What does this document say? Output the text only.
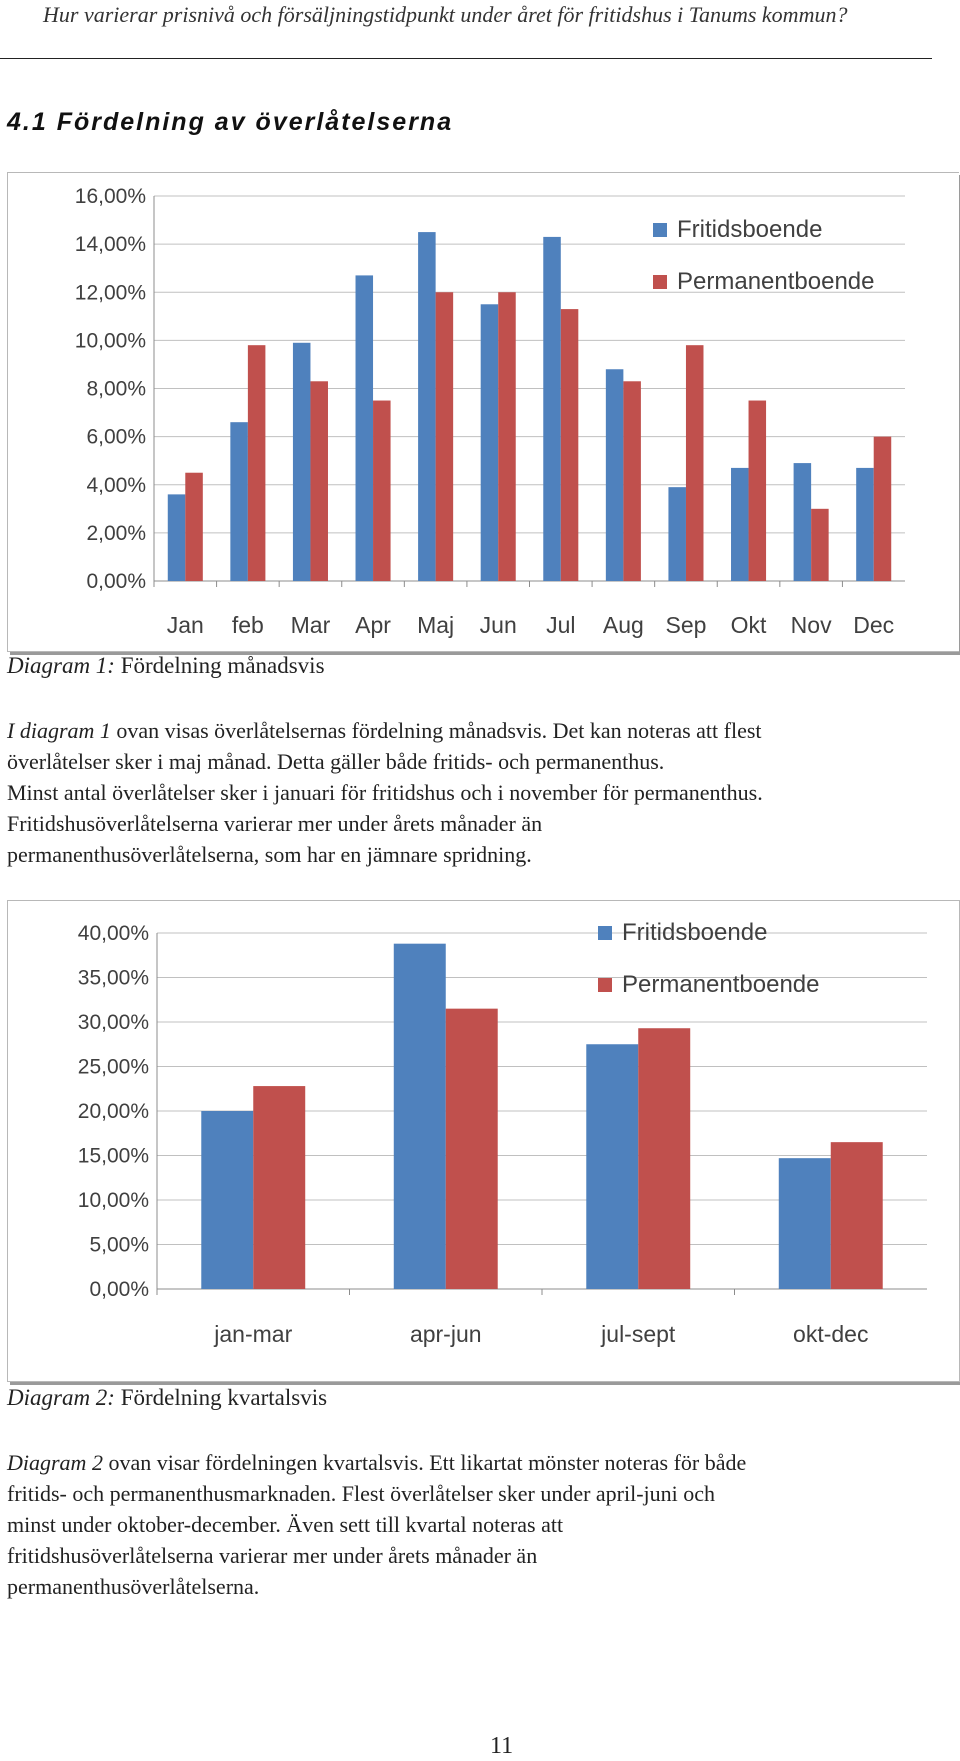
Hur varierar prisnivå och försäljningstidpunkt under året för fritidshus i Tanums kommun?
4.1 Fördelning av överlåtelserna
0,00%
2,00%
4,00%
6,00%
8,00%
10,00%
12,00%
14,00%
16,00%
Jan feb Mar Apr Maj Jun Jul Aug Sep Okt Nov Dec
Fritidsboende
Permanentboende
Diagram 1: Fördelning månadsvis
I diagram 1 ovan visas överlåtelsernas fördelning månadsvis. Det kan noteras att flest
överlåtelser sker i maj månad. Detta gäller både fritids- och permanenthus.
Minst antal överlåtelser sker i januari för fritidshus och i november för permanenthus.
Fritidshusöverlåtelserna varierar mer under årets månader än
permanenthusöverlåtelserna, som har en jämnare spridning.
0,00%
5,00%
10,00%
15,00%
20,00%
25,00%
30,00%
35,00%
40,00%
jan-mar	apr-jun	jul-sept	okt-dec
Fritidsboende
Permanentboende
Diagram 2: Fördelning kvartalsvis
Diagram 2 ovan visar fördelningen kvartalsvis. Ett likartat mönster noteras för både
fritids- och permanenthusmarknaden. Flest överlåtelser sker under april-juni och
minst under oktober-december. Även sett till kvartal noteras att
fritidshusöverlåtelserna varierar mer under årets månader än
permanenthusöverlåtelserna.
11
